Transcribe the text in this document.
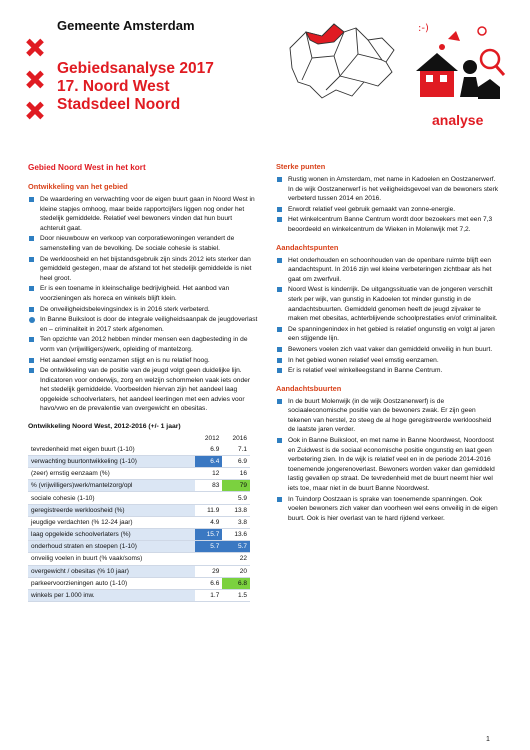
Gemeente Amsterdam
Gebiedsanalyse 2017
17. Noord West
Stadsdeel Noord
:-)
analyse
Gebied Noord West in het kort
Ontwikkeling van het gebied
De waardering en verwachting voor de eigen buurt gaan in Noord West in kleine stapjes omhoog, maar beide rapportcijfers liggen nog onder het stedelijk gemiddelde. Relatief veel bewoners vinden dat hun buurt achteruit gaat.
Door nieuwbouw en verkoop van corporatiewoningen verandert de samenstelling van de bevolking. De sociale cohesie is stabiel.
De werkloosheid en het bijstandsgebruik zijn sinds 2012 iets sterker dan gemiddeld gestegen, maar de afstand tot het stedelijk gemiddelde is niet heel groot.
Er is een toename in kleinschalige bedrijvigheid. Het aanbod van voorzieningen als horeca en winkels blijft klein.
De onveiligheidsbelevingsindex is in 2016 sterk verbeterd.
In Banne Buiksloot is door de integrale veiligheidsaanpak de jeugdoverlast en – criminaliteit in 2017 sterk afgenomen.
Ten opzichte van 2012 hebben minder mensen een dagbesteding in de vorm van (vrijwilligers)werk, opleiding of mantelzorg.
Het aandeel emstig eenzamen stijgt en is nu relatief hoog.
De ontwikkeling van de positie van de jeugd volgt geen duidelijke lijn. Indicatoren voor onderwijs, zorg en welzijn schommelen vaak iets onder het stedelijk gemiddelde. Voorbeelden hiervan zijn het aandeel laag opgeleide schoolverlaters, het aandeel leerlingen met een advies voor havo/vwo en de prevalentie van overgewicht en obesitas.
Ontwikkeling Noord West, 2012-2016 (+/- 1 jaar)
	2012	2016
tevredenheid met eigen buurt (1-10)	6.9	7.1
verwachting buurtontwikkeling (1-10)	6.4	6.9
(zeer) ernstig eenzaam (%)	12	16
% (vrijwilligers)werk/mantelzorg/opl	83	79
sociale cohesie (1-10)		5.9
geregistreerde werkloosheid (%)	11.9	13.8
jeugdige verdachten (% 12-24 jaar)	4.9	3.8
laag opgeleide schoolverlaters (%)	15.7	13.6
onderhoud straten en stoepen (1-10)	5.7	5.7
onveilig voelen in buurt (% vaak/soms)		22
overgewicht / obesitas (% 10 jaar)	29	20
parkeervoorzieningen auto (1-10)	6.6	6.8
winkels per 1.000 inw.	1.7	1.5
Sterke punten
Rustig wonen in Amsterdam, met name in Kadoelen en Oostzanerwerf. In de wijk Oostzanerwerf is het veiligheidsgevoel van de bewoners sterk verbeterd tussen 2014 en 2016.
Erwordt relatief veel gebruik gemaakt van zonne-energie.
Het winkelcentrum Banne Centrum wordt door bezoekers met een 7,3 beoordeeld en winkelcentrum de Wieken in Molenwijk met 7,2.
Aandachtspunten
Het onderhouden en schoonhouden van de openbare ruimte blijft een aandachtspunt. In 2016 zijn wel kleine verbeteringen zichtbaar als het gaat om zwerfvuil.
Noord West is kinderrijk. De uitgangssituatie van de jongeren verschilt sterk per wijk, van gunstig in Kadoelen tot minder gunstig in de aandachtsbuurten. Gemiddeld genomen heeft de jeugd zijvaker te maken met obesitas, achterblijvende schoolprestaties en/of criminaliteit.
De spanningenindex in het gebied is relatief ongunstig en volgt al jaren een stijgende lijn.
Bewoners voelen zich vaat vaker dan gemiddeld onveilig in hun buurt.
In het gebied wonen relatief veel emstig eenzamen.
Er is relatief veel winkelleegstand in Banne Centrum.
Aandachtsbuurten
In de buurt Molenwijk (in de wijk Oostzanerwerf) is de sociaaleconomische positie van de bewoners zwak. Er zijn geen tekenen van herstel, zo steeg de al hoge geregistreerde werkloosheid de laatste jaren verder.
Ook in Banne Buiksloot, en met name in Banne Noordwest, Noordoost en Zuidwest is de sociaal economische positie ongunstig en laat geen verbetering zien. In de wijk is relatief veel en in de periode 2014-2016 toenemende jongerenoverlast. Bewoners worden vaker dan gemiddeld lastig gevallen op straat. De tevredenheid met de buurt neemt hier wel iets toe, maar niet in de buurt Banne Noordwest.
In Tuindorp Oostzaan is sprake van toenemende spanningen. Ook voelen bewoners zich vaker dan voorheen wel eens onveilig in de eigen buurt. Ook is hier overlast van te hard rijdend verkeer.
1
